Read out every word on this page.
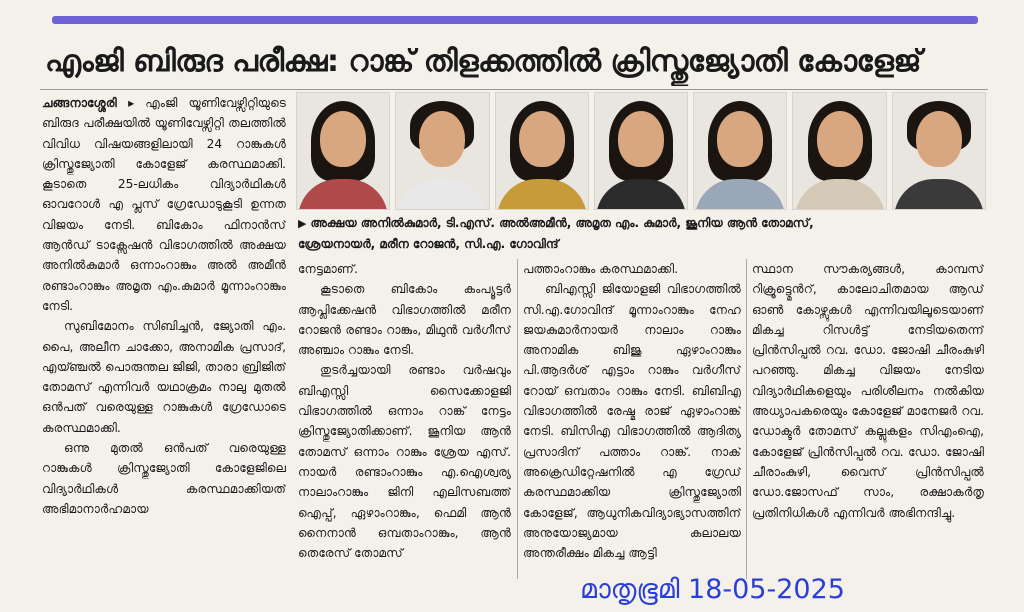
എംജി ബിരുദ പരീക്ഷ: റാങ്ക് തിളക്കത്തിൽ ക്രിസ്തുജ്യോതി കോളേജ്

ചങ്ങനാശ്ശേരി ▸ എംജി യൂണിവേഴ്സിറ്റിയുടെ ബിരുദ പരീക്ഷയിൽ യൂണിവേഴ്സിറ്റി തലത്തിൽ വിവിധ വിഷയങ്ങളിലായി 24 റാങ്കുകൾ ക്രിസ്തുജ്യോതി കോളേജ് കരസ്ഥമാക്കി. കൂടാതെ 25-ലധികം വിദ്യാർഥികൾ ഓവറോൾ എ പ്ലസ് ഗ്രേഡോടുകൂടി ഉന്നത വിജയം നേടി. ബികോം ഫിനാൻസ് ആൻഡ് ടാക്സേഷൻ വിഭാഗത്തിൽ അക്ഷയ അനിൽകുമാർ ഒന്നാംറാങ്കും അൽ അമീൻ രണ്ടാംറാങ്കും അമൃത എം.കുമാർ മൂന്നാംറാങ്കും നേടി.

സുബിമോനം സിബിച്ചൻ, ജ്യോതി എം. പൈ, അലീന ചാക്കോ, അനാമിക പ്രസാദ്, എയ്ഞ്ചൽ പൊരുന്തല ജിജി, താരാ ബ്രിജിത് തോമസ് എന്നിവർ യഥാക്രമം നാലു മുതൽ ഒൻപത് വരെയുള്ള റാങ്കുകൾ ഗ്രേഡോടെ കരസ്ഥമാക്കി.

ഒന്നു മുതൽ ഒൻപത് വരെയുള്ള റാങ്കുകൾ ക്രിസ്തുജ്യോതി കോളേജിലെ വിദ്യാർഥികൾ കരസ്ഥമാക്കിയത് അഭിമാനാർഹമായ

▶ അക്ഷയ അനിൽകുമാർ, ടി.എസ്. അൽഅമീൻ, അമൃത എം. കുമാർ, ജൂനിയ ആൻ തോമസ്,
ശ്രേയനായർ, മരീന റോജൻ, സി.എ. ഗോവിന്ദ്

നേട്ടമാണ്.

കൂടാതെ ബികോം കംപ്യൂട്ടർ ആപ്ലിക്കേഷൻ വിഭാഗത്തിൽ മരീന റോജൻ രണ്ടാം റാങ്കും, മിഥുൻ വർഗീസ് അഞ്ചാം റാങ്കും നേടി.

തുടർച്ചയായി രണ്ടാം വർഷവും ബിഎസ്സി സൈക്കോളജി വിഭാഗത്തിൽ ഒന്നാം റാങ്ക് നേട്ടം ക്രിസ്തുജ്യോതിക്കാണ്. ജൂനിയ ആൻ തോമസ് ഒന്നാം റാങ്കും ശ്രേയ എസ്. നായർ രണ്ടാംറാങ്കും എ.ഐശ്വര്യ നാലാംറാങ്കും ജിനി എലിസബത്ത് ഐപ്പ്, ഏഴാംറാങ്കും, ഫെമി ആൻ നൈനാൻ ഒമ്പതാംറാങ്കും, ആൻ തെരേസ് തോമസ്

പത്താംറാങ്കും കരസ്ഥമാക്കി.

ബിഎസ്സി ജിയോളജി വിഭാഗത്തിൽ സി.എ.ഗോവിന്ദ് മൂന്നാംറാങ്കും നേഹ ജയകുമാർനായർ നാലാം റാങ്കും അനാമിക ബിജു ഏഴാംറാങ്കും പി.ആദർശ് എട്ടാം റാങ്കും വർഗീസ് റോയ് ഒമ്പതാം റാങ്കും നേടി. ബിബിഎ വിഭാഗത്തിൽ രേഷ്മ രാജ് ഏഴാംറാങ്ക് നേടി. ബിസിഎ വിഭാഗത്തിൽ ആദിത്യ പ്രസാദിന് പത്താം റാങ്ക്. നാക് അക്രെഡിറ്റേഷനിൽ എ ഗ്രേഡ് കരസ്ഥമാക്കിയ ക്രിസ്തുജ്യോതി കോളേജ്, ആധുനികവിദ്യാഭ്യാസത്തിന് അനുയോജ്യമായ കലാലയ അന്തരീക്ഷം മികച്ച ആട്ടി

സ്ഥാന സൗകര്യങ്ങൾ, കാമ്പസ് റിക്രൂട്ട്മെൻറ്, കാലോചിതമായ ആഡ് ഓൺ കോഴ്സുകൾ എന്നിവയിലൂടെയാണ് മികച്ച റിസൾട്ട് നേടിയതെന്ന് പ്രിൻസിപ്പൽ റവ. ഡോ. ജോഷി ചീരംകുഴി പറഞ്ഞു. മികച്ച വിജയം നേടിയ വിദ്യാർഥികളെയും പരിശീലനം നൽകിയ അധ്യാപകരെയും കോളേജ് മാനേജർ റവ. ഡോക്ടർ തോമസ് കല്ലുകളം സിഎംഐ, കോളേജ് പ്രിൻസിപ്പൽ റവ. ഡോ. ജോഷി ചീരാംകുഴി, വൈസ് പ്രിൻസിപ്പൽ ഡോ.ജോസഫ് സാം, രക്ഷാകർതൃ പ്രതിനിധികൾ എന്നിവർ അഭിനന്ദിച്ചു.

മാതൃഭൂമി 18-05-2025
